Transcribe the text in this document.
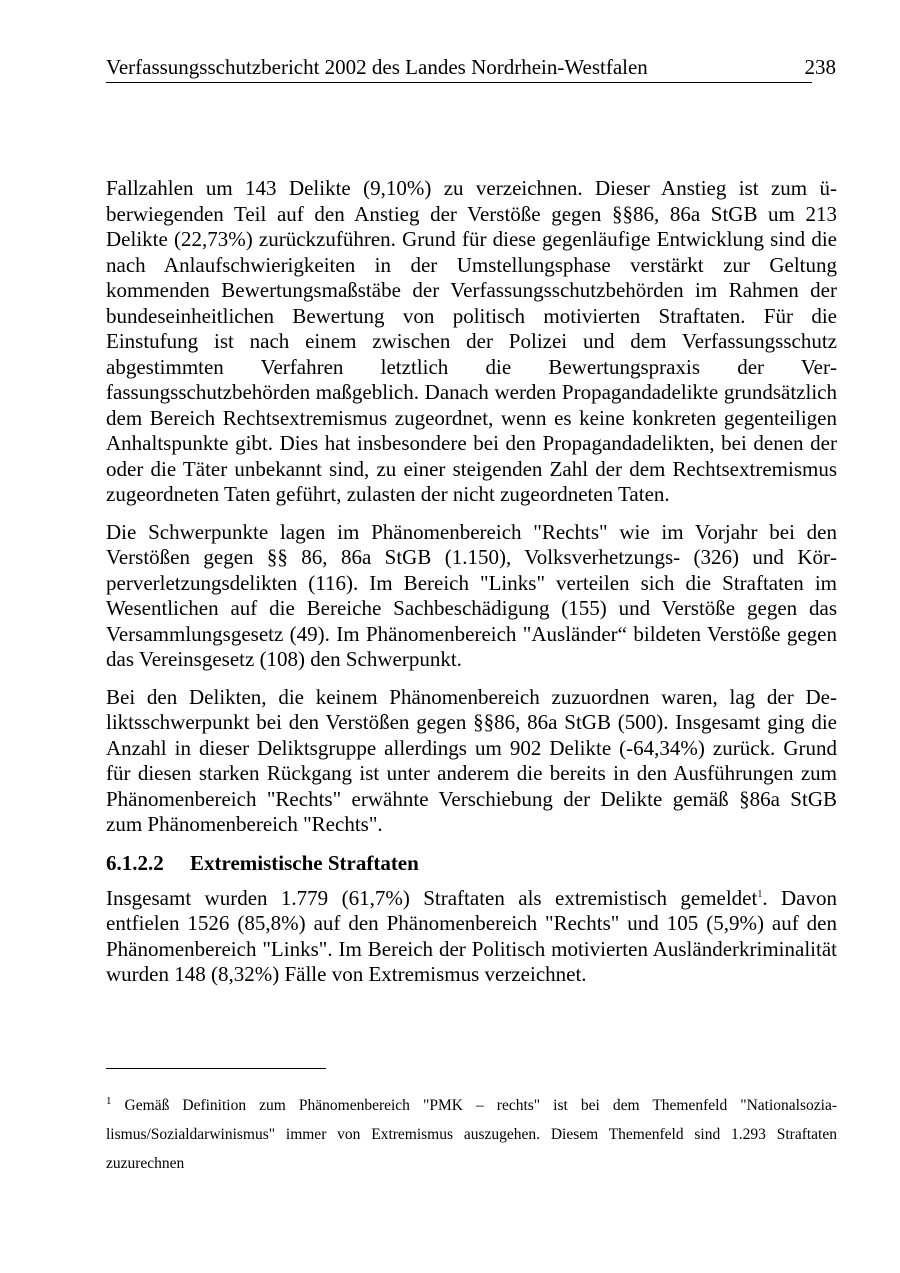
Verfassungsschutzbericht 2002 des Landes Nordrhein-Westfalen	238

Fallzahlen um 143 Delikte (9,10%) zu verzeichnen. Dieser Anstieg ist zum überwiegenden Teil auf den Anstieg der Verstöße gegen §§86, 86a StGB um 213 Delikte (22,73%) zurückzuführen. Grund für diese gegenläufige Entwicklung sind die nach Anlaufschwierigkeiten in der Umstellungsphase verstärkt zur Geltung kommenden Bewertungsmaßstäbe der Verfassungsschutzbehörden im Rahmen der bundeseinheitlichen Bewertung von politisch motivierten Straftaten. Für die Einstufung ist nach einem zwischen der Polizei und dem Verfassungsschutz abgestimmten Verfahren letztlich die Bewertungspraxis der Verfassungsschutzbehörden maßgeblich. Danach werden Propagandadelikte grundsätzlich dem Bereich Rechtsextremismus zugeordnet, wenn es keine konkreten gegenteiligen Anhaltspunkte gibt. Dies hat insbesondere bei den Propagandadelikten, bei denen der oder die Täter unbekannt sind, zu einer steigenden Zahl der dem Rechtsextremismus zugeordneten Taten geführt, zulasten der nicht zugeordneten Taten.

Die Schwerpunkte lagen im Phänomenbereich "Rechts" wie im Vorjahr bei den Verstößen gegen §§ 86, 86a StGB (1.150), Volksverhetzungs- (326) und Körperverletzungsdelikten (116). Im Bereich "Links" verteilen sich die Straftaten im Wesentlichen auf die Bereiche Sachbeschädigung (155) und Verstöße gegen das Versammlungsgesetz (49). Im Phänomenbereich "Ausländer“ bildeten Verstöße gegen das Vereinsgesetz (108) den Schwerpunkt.

Bei den Delikten, die keinem Phänomenbereich zuzuordnen waren, lag der Deliktsschwerpunkt bei den Verstößen gegen §§86, 86a StGB (500). Insgesamt ging die Anzahl in dieser Deliktsgruppe allerdings um 902 Delikte (-64,34%) zurück. Grund für diesen starken Rückgang ist unter anderem die bereits in den Ausführungen zum Phänomenbereich "Rechts" erwähnte Verschiebung der Delikte gemäß §86a StGB zum Phänomenbereich "Rechts".

6.1.2.2 Extremistische Straftaten

Insgesamt wurden 1.779 (61,7%) Straftaten als extremistisch gemeldet$^1$. Davon entfielen 1526 (85,8%) auf den Phänomenbereich "Rechts" und 105 (5,9%) auf den Phänomenbereich "Links". Im Bereich der Politisch motivierten Ausländerkriminalität wurden 148 (8,32%) Fälle von Extremismus verzeichnet.

$^1$ Gemäß Definition zum Phänomenbereich "PMK – rechts" ist bei dem Themenfeld "Nationalsozialismus/Sozialdarwinismus" immer von Extremismus auszugehen. Diesem Themenfeld sind 1.293 Straftaten zuzurechnen
